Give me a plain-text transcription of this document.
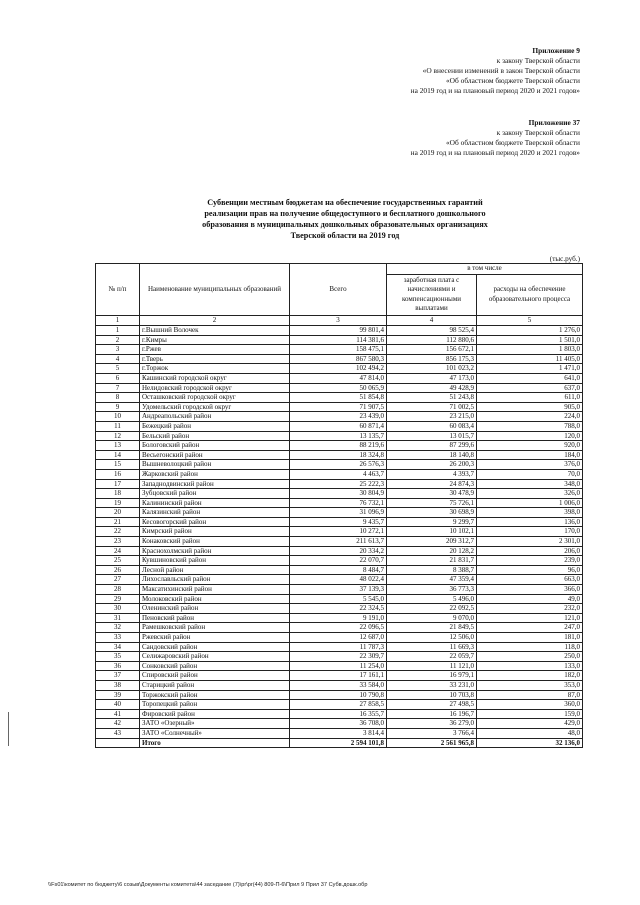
Приложение 9
к закону Тверской области
«О внесении изменений в закон Тверской области
«Об областном бюджете Тверской области
на 2019 год и на плановый период 2020 и 2021 годов»
Приложение 37
к закону Тверской области
«Об областном бюджете Тверской области
на 2019 год и на плановый период 2020 и 2021 годов»
Субвенции местным бюджетам на обеспечение государственных гарантий
реализации прав на получение общедоступного и бесплатного дошкольного
образования в муниципальных дошкольных образовательных организациях
Тверской области на 2019 год
(тыс.руб.)
№ п/п	Наименование муниципальных образований	Всего	в том числе	
			заработная плата с начислениями и компенсационными выплатами	расходы на обеспечение образовательного процесса
1	2	3	4	5
1	г.Вышний Волочек	99 801,4	98 525,4	1 276,0
2	г.Кимры	114 381,6	112 880,6	1 501,0
3	г.Ржев	158 475,1	156 672,1	1 803,0
4	г.Тверь	867 580,3	856 175,3	11 405,0
5	г.Торжок	102 494,2	101 023,2	1 471,0
6	Кашинский городской округ	47 814,0	47 173,0	641,0
7	Нелидовский городской округ	50 065,9	49 428,9	637,0
8	Осташковский городской округ	51 854,8	51 243,8	611,0
9	Удомельский городской округ	71 907,5	71 002,5	905,0
10	Андреапольский район	23 439,0	23 215,0	224,0
11	Бежецкий район	60 871,4	60 083,4	788,0
12	Бельский район	13 135,7	13 015,7	120,0
13	Бологовский район	88 219,6	87 299,6	920,0
14	Весьегонский район	18 324,8	18 140,8	184,0
15	Вышневолоцкий район	26 576,3	26 200,3	376,0
16	Жарковский район	4 463,7	4 393,7	70,0
17	Западнодвинский район	25 222,3	24 874,3	348,0
18	Зубцовский район	30 804,9	30 478,9	326,0
19	Калининский район	76 732,1	75 726,1	1 006,0
20	Калязинский район	31 096,9	30 698,9	398,0
21	Кесовогорский район	9 435,7	9 299,7	136,0
22	Кимрский район	10 272,1	10 102,1	170,0
23	Конаковский район	211 613,7	209 312,7	2 301,0
24	Краснохолмский район	20 334,2	20 128,2	206,0
25	Кувшиновский район	22 070,7	21 831,7	239,0
26	Лесной район	8 484,7	8 388,7	96,0
27	Лихославльский район	48 022,4	47 359,4	663,0
28	Максатихинский район	37 139,3	36 773,3	366,0
29	Молоковский район	5 545,0	5 496,0	49,0
30	Оленинский район	22 324,5	22 092,5	232,0
31	Пеновский район	9 191,0	9 070,0	121,0
32	Рамешковский район	22 096,5	21 849,5	247,0
33	Ржевский район	12 687,0	12 506,0	181,0
34	Сандовский район	11 787,3	11 669,3	118,0
35	Селижаровский район	22 309,7	22 059,7	250,0
36	Сонковский район	11 254,0	11 121,0	133,0
37	Спировский район	17 161,1	16 979,1	182,0
38	Старицкий район	33 584,0	33 231,0	353,0
39	Торжокский район	10 790,8	10 703,8	87,0
40	Торопецкий район	27 858,5	27 498,5	360,0
41	Фировский район	16 355,7	16 196,7	159,0
42	ЗАТО «Озерный»	36 708,0	36 279,0	429,0
43	ЗАТО «Солнечный»	3 814,4	3 766,4	48,0
	Итого	2 594 101,8	2 561 965,8	32 136,0
\\Fs01\комитет по бюджету\6 созыв\Документы комитета\44 заседание (7)\pr\pr(44) 809-П-6\Прил 9 Прил 37 Субв.дошк.обр
